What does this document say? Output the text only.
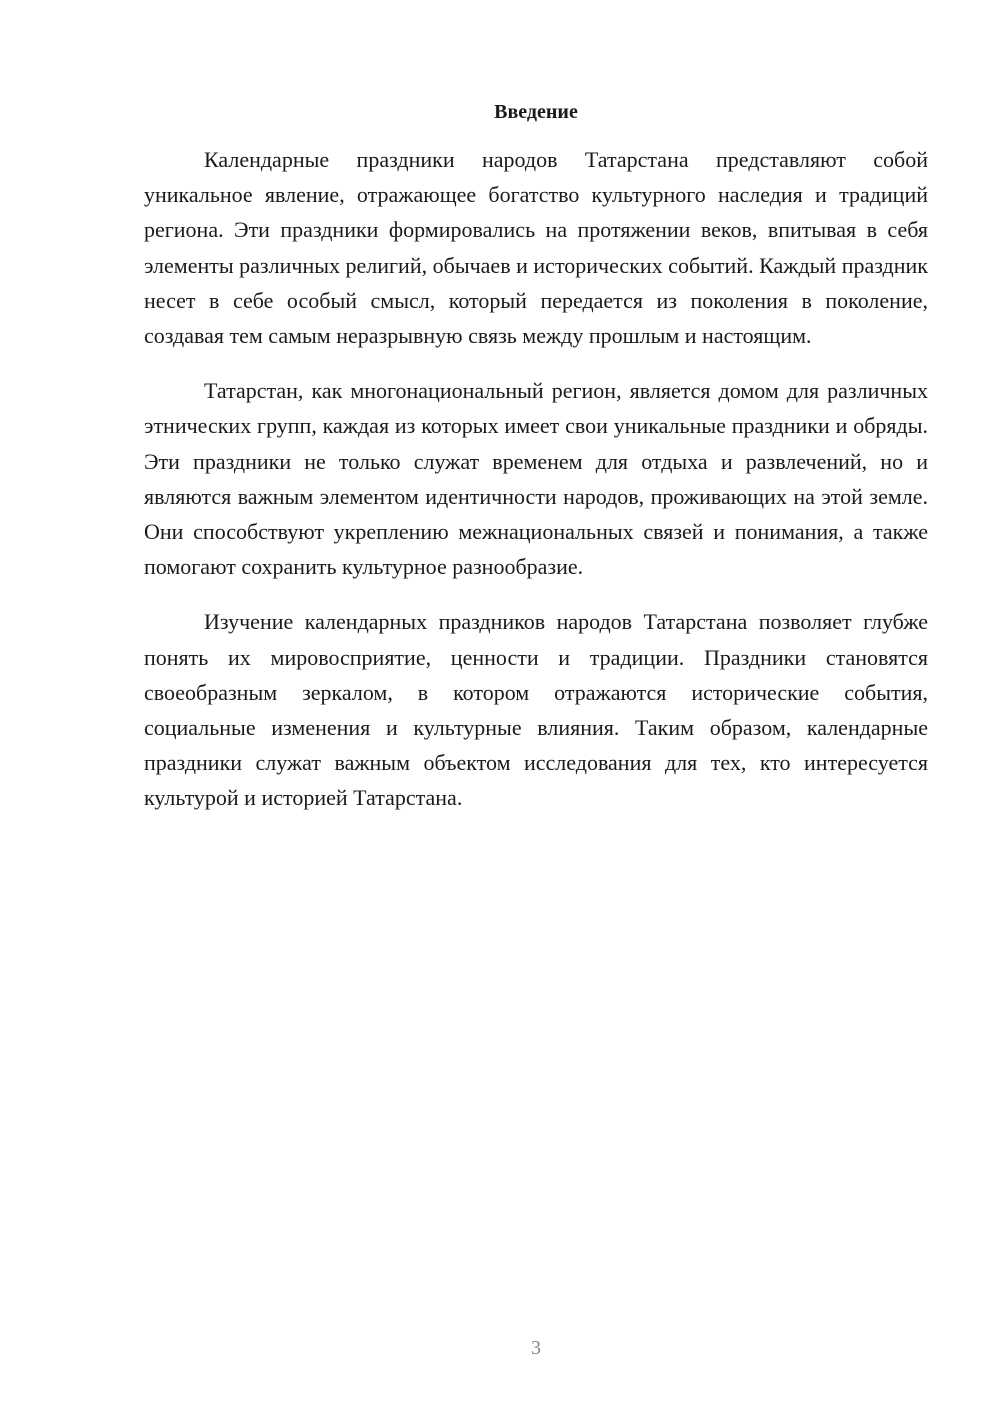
Введение

Календарные праздники народов Татарстана представляют собой уникальное явление, отражающее богатство культурного наследия и традиций региона. Эти праздники формировались на протяжении веков, впитывая в себя элементы различных религий, обычаев и исторических событий. Каждый праздник несет в себе особый смысл, который передается из поколения в поколение, создавая тем самым неразрывную связь между прошлым и настоящим.

Татарстан, как многонациональный регион, является домом для различных этнических групп, каждая из которых имеет свои уникальные праздники и обряды. Эти праздники не только служат временем для отдыха и развлечений, но и являются важным элементом идентичности народов, проживающих на этой земле. Они способствуют укреплению межнациональных связей и понимания, а также помогают сохранить культурное разнообразие.

Изучение календарных праздников народов Татарстана позволяет глубже понять их мировосприятие, ценности и традиции. Праздники становятся своеобразным зеркалом, в котором отражаются исторические события, социальные изменения и культурные влияния. Таким образом, календарные праздники служат важным объектом исследования для тех, кто интересуется культурой и историей Татарстана.

3
